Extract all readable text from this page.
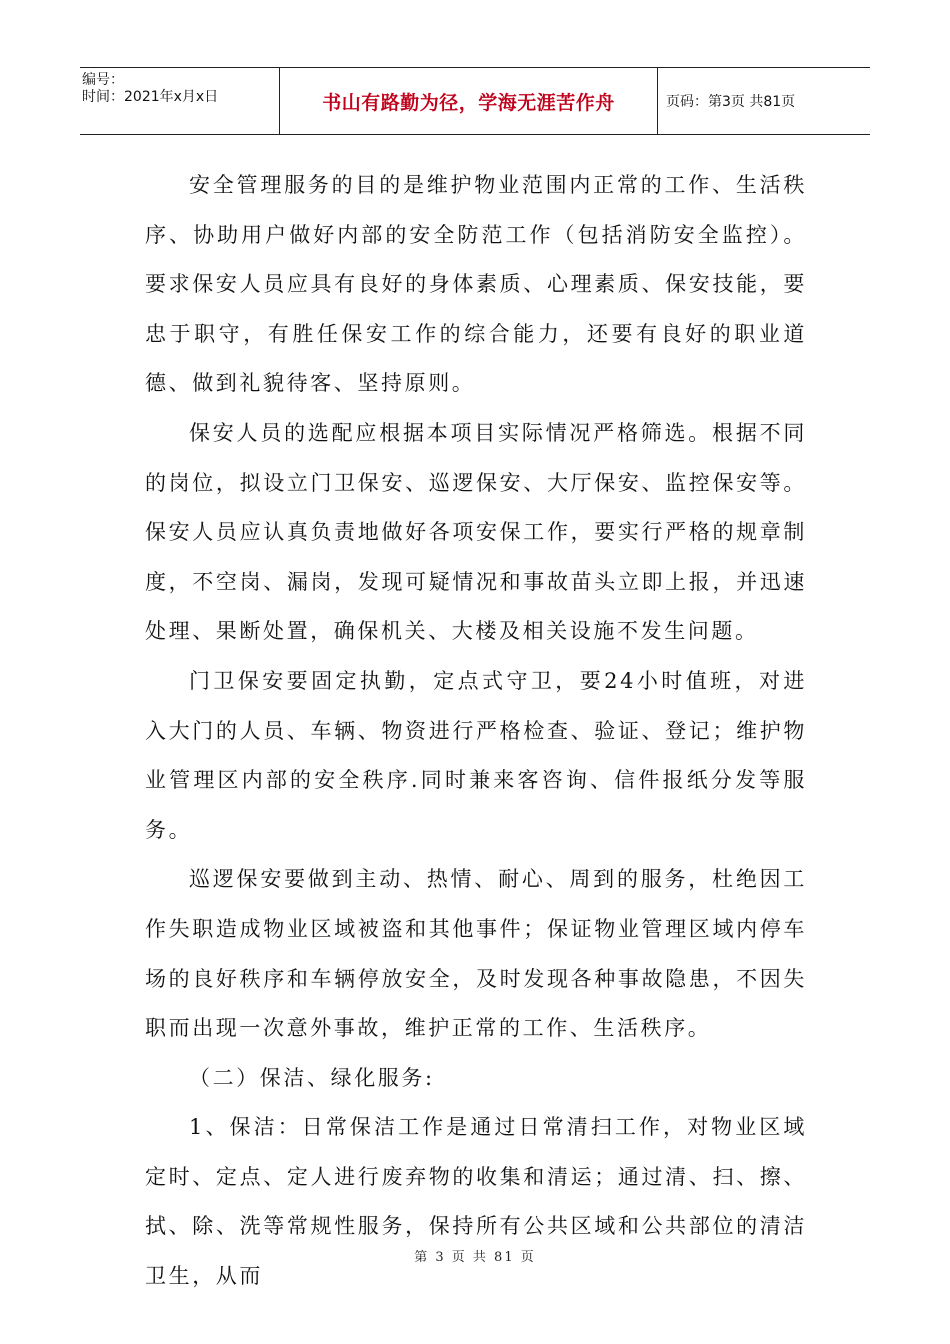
编号：
时间：2021年x月x日	书山有路勤为径，学海无涯苦作舟	页码：第3页 共81页

安全管理服务的目的是维护物业范围内正常的工作、生活秩序、协助用户做好内部的安全防范工作（包括消防安全监控）。要求保安人员应具有良好的身体素质、心理素质、保安技能，要忠于职守，有胜任保安工作的综合能力，还要有良好的职业道德、做到礼貌待客、坚持原则。

保安人员的选配应根据本项目实际情况严格筛选。根据不同的岗位，拟设立门卫保安、巡逻保安、大厅保安、监控保安等。保安人员应认真负责地做好各项安保工作，要实行严格的规章制度，不空岗、漏岗，发现可疑情况和事故苗头立即上报，并迅速处理、果断处置，确保机关、大楼及相关设施不发生问题。

门卫保安要固定执勤，定点式守卫，要24小时值班，对进入大门的人员、车辆、物资进行严格检查、验证、登记；维护物业管理区内部的安全秩序.同时兼来客咨询、信件报纸分发等服务。

巡逻保安要做到主动、热情、耐心、周到的服务，杜绝因工作失职造成物业区域被盗和其他事件；保证物业管理区域内停车场的良好秩序和车辆停放安全，及时发现各种事故隐患，不因失职而出现一次意外事故，维护正常的工作、生活秩序。

（二）保洁、绿化服务:

1、保洁：日常保洁工作是通过日常清扫工作，对物业区域定时、定点、定人进行废弃物的收集和清运；通过清、扫、擦、拭、除、洗等常规性服务，保持所有公共区域和公共部位的清洁卫生，从而

第 3 页 共 81 页
